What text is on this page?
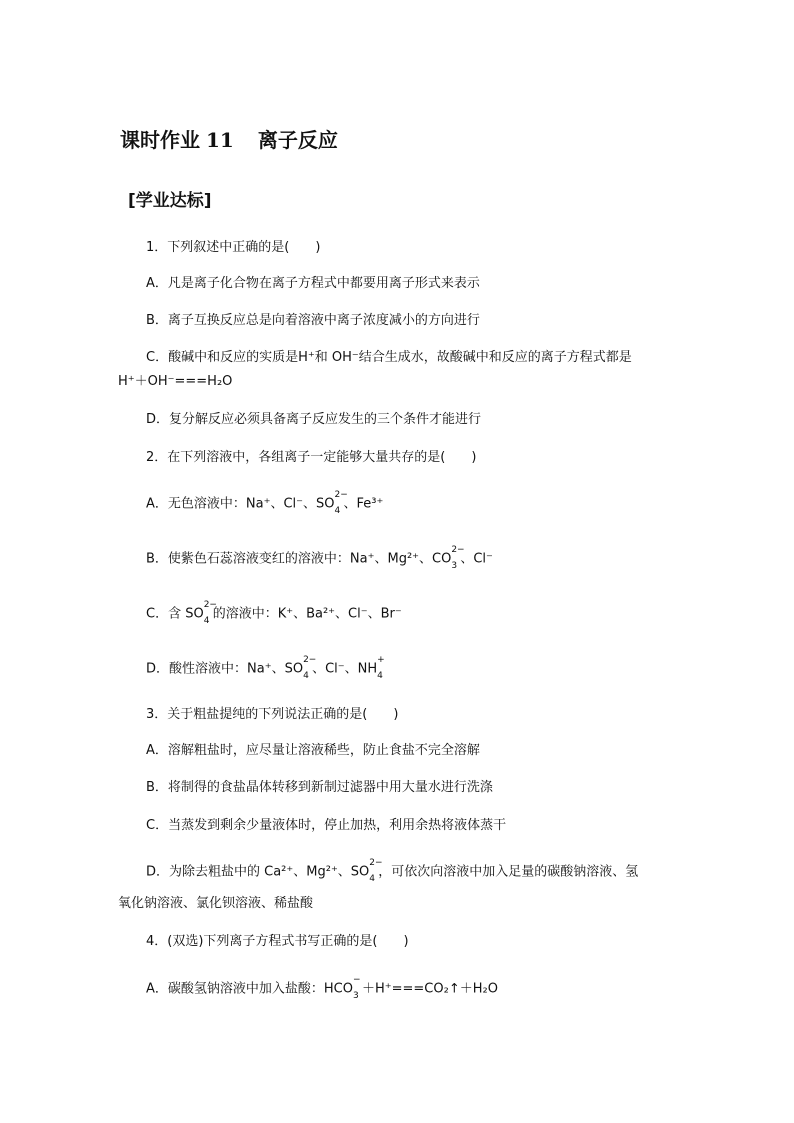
课时作业 11 离子反应
[学业达标]
1．下列叙述中正确的是(　　)
A．凡是离子化合物在离子方程式中都要用离子形式来表示
B．离子互换反应总是向着溶液中离子浓度减小的方向进行
C．酸碱中和反应的实质是H⁺和 OH⁻结合生成水，故酸碱中和反应的离子方程式都是
H⁺＋OH⁻===H₂O
D．复分解反应必须具备离子反应发生的三个条件才能进行
2．在下列溶液中，各组离子一定能够大量共存的是(　　)
A．无色溶液中：Na⁺、Cl⁻、SO
2−
4 、Fe³⁺
B．使紫色石蕊溶液变红的溶液中：Na⁺、Mg²⁺、CO
2−
3 、Cl⁻
C．含 SO
2−
4 的溶液中：K⁺、Ba²⁺、Cl⁻、Br⁻
D．酸性溶液中：Na⁺、SO
2−
4 、Cl⁻、NH
+
4
3．关于粗盐提纯的下列说法正确的是(　　)
A．溶解粗盐时，应尽量让溶液稀些，防止食盐不完全溶解
B．将制得的食盐晶体转移到新制过滤器中用大量水进行洗涤
C．当蒸发到剩余少量液体时，停止加热，利用余热将液体蒸干
D．为除去粗盐中的 Ca²⁺、Mg²⁺、SO
2−
4 ，可依次向溶液中加入足量的碳酸钠溶液、氢
氧化钠溶液、氯化钡溶液、稀盐酸
4．(双选)下列离子方程式书写正确的是(　　)
A．碳酸氢钠溶液中加入盐酸：HCO
−
3 ＋H⁺===CO₂↑＋H₂O
